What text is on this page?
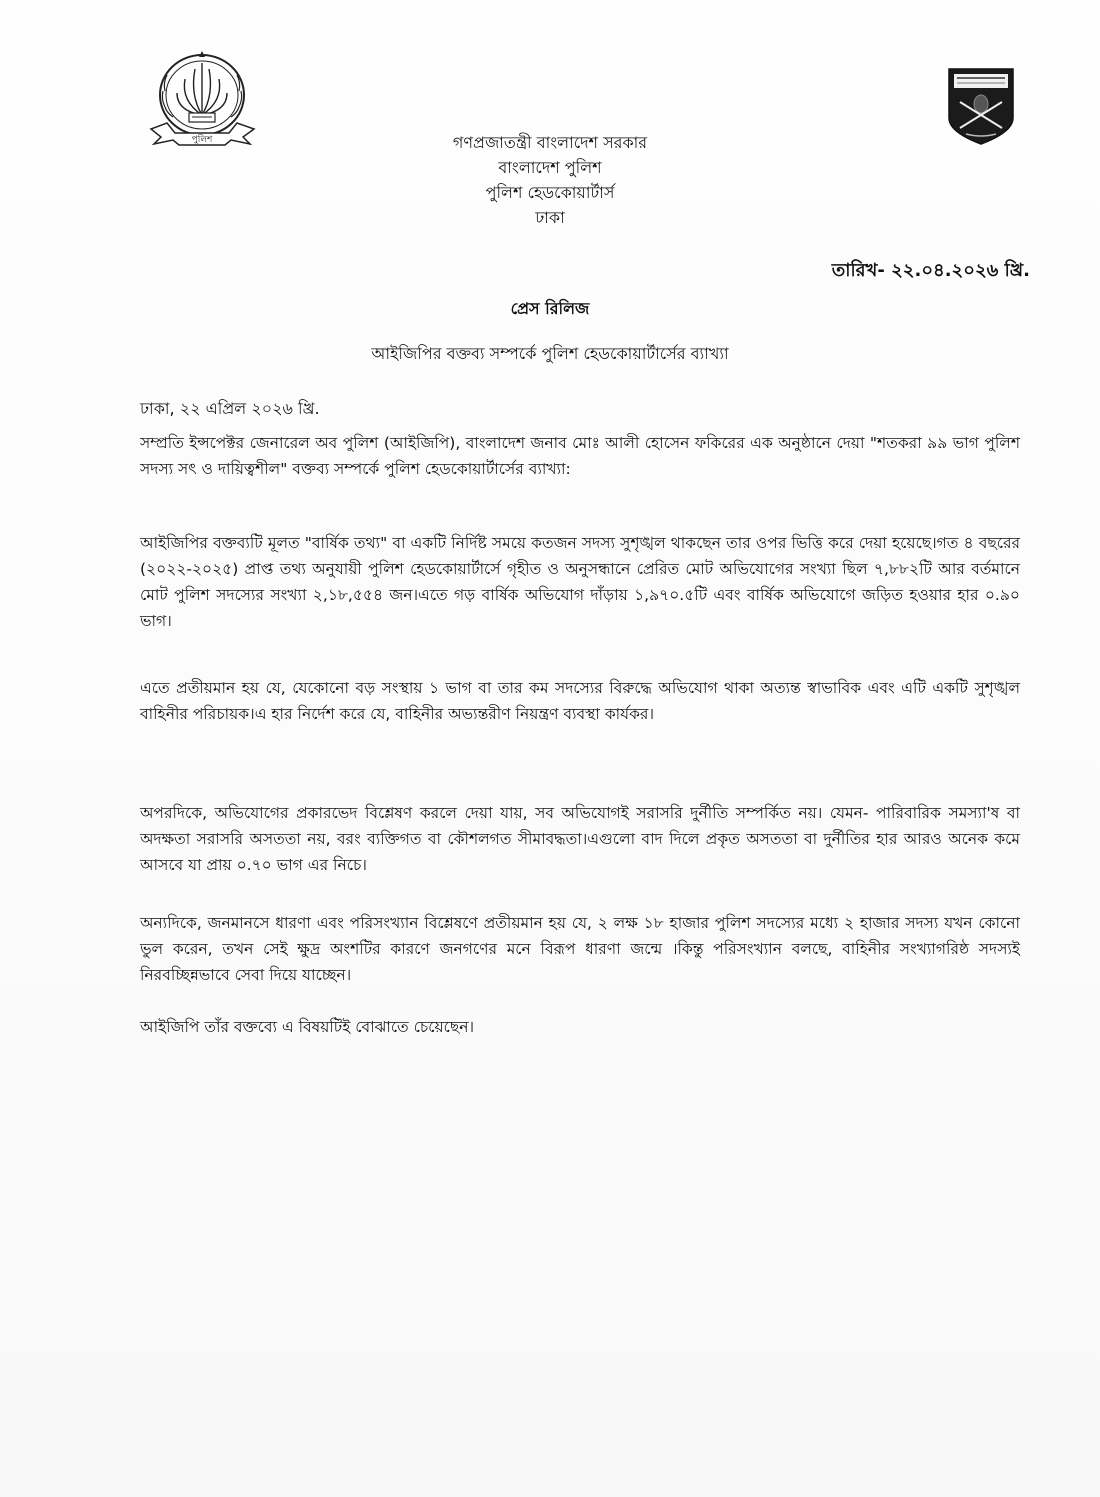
পুলিশ	গণপ্রজাতন্ত্রী বাংলাদেশ সরকার
বাংলাদেশ পুলিশ
পুলিশ হেডকোয়ার্টার্স
ঢাকা
তারিখ- ২২.০৪.২০২৬ খ্রি.
প্রেস রিলিজ
আইজিপির বক্তব্য সম্পর্কে পুলিশ হেডকোয়ার্টার্সের ব্যাখ্যা
ঢাকা, ২২ এপ্রিল ২০২৬ খ্রি.
সম্প্রতি ইন্সপেক্টর জেনারেল অব পুলিশ (আইজিপি), বাংলাদেশ জনাব মোঃ আলী হোসেন ফকিরের এক অনুষ্ঠানে দেয়া "শতকরা ৯৯ ভাগ পুলিশ সদস্য সৎ ও দায়িত্বশীল" বক্তব্য সম্পর্কে পুলিশ হেডকোয়ার্টার্সের ব্যাখ্যা:
আইজিপির বক্তব্যটি মূলত "বার্ষিক তথ্য" বা একটি নির্দিষ্ট সময়ে কতজন সদস্য সুশৃঙ্খল থাকছেন তার ওপর ভিত্তি করে দেয়া হয়েছে।গত ৪ বছরের (২০২২-২০২৫) প্রাপ্ত তথ্য অনুযায়ী পুলিশ হেডকোয়ার্টার্সে গৃহীত ও অনুসন্ধানে প্রেরিত মোট অভিযোগের সংখ্যা ছিল ৭,৮৮২টি আর বর্তমানে মোট পুলিশ সদস্যের সংখ্যা ২,১৮,৫৫৪ জন।এতে গড় বার্ষিক অভিযোগ দাঁড়ায় ১,৯৭০.৫টি এবং বার্ষিক অভিযোগে জড়িত হওয়ার হার ০.৯০ ভাগ।
এতে প্রতীয়মান হয় যে, যেকোনো বড় সংস্থায় ১ ভাগ বা তার কম সদস্যের বিরুদ্ধে অভিযোগ থাকা অত্যন্ত স্বাভাবিক এবং এটি একটি সুশৃঙ্খল বাহিনীর পরিচায়ক।এ হার নির্দেশ করে যে, বাহিনীর অভ্যন্তরীণ নিয়ন্ত্রণ ব্যবস্থা কার্যকর।
অপরদিকে, অভিযোগের প্রকারভেদ বিশ্লেষণ করলে দেয়া যায়, সব অভিযোগই সরাসরি দুর্নীতি সম্পর্কিত নয়। যেমন- পারিবারিক সমস্যা'ষ বা অদক্ষতা সরাসরি অসততা নয়, বরং ব্যক্তিগত বা কৌশলগত সীমাবদ্ধতা।এগুলো বাদ দিলে প্রকৃত অসততা বা দুর্নীতির হার আরও অনেক কমে আসবে যা প্রায় ০.৭০ ভাগ এর নিচে।
অন্যদিকে, জনমানসে ধারণা এবং পরিসংখ্যান বিশ্লেষণে প্রতীয়মান হয় যে, ২ লক্ষ ১৮ হাজার পুলিশ সদস্যের মধ্যে ২ হাজার সদস্য যখন কোনো ভুল করেন, তখন সেই ক্ষুদ্র অংশটির কারণে জনগণের মনে বিরূপ ধারণা জন্মে ।কিন্তু পরিসংখ্যান বলছে, বাহিনীর সংখ্যাগরিষ্ঠ সদস্যই নিরবচ্ছিন্নভাবে সেবা দিয়ে যাচ্ছেন।
আইজিপি তাঁর বক্তব্যে এ বিষয়টিই বোঝাতে চেয়েছেন।
